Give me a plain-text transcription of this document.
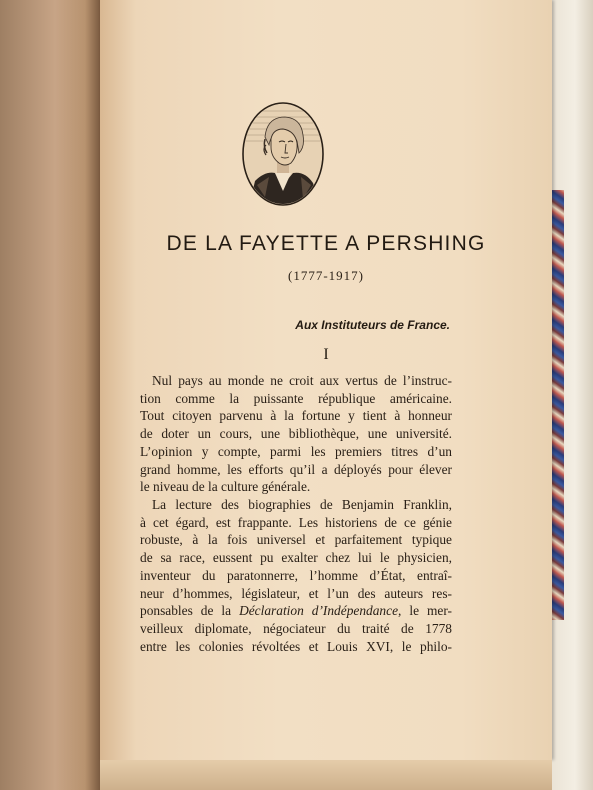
DE LA FAYETTE A PERSHING
(1777-1917)
Aux Instituteurs de France.
I

Nul pays au monde ne croit aux vertus de l’instruc-
tion comme la puissante république américaine.
Tout citoyen parvenu à la fortune y tient à honneur
de doter un cours, une bibliothèque, une université.
L’opinion y compte, parmi les premiers titres d’un
grand homme, les efforts qu’il a déployés pour élever
le niveau de la culture générale.

La lecture des biographies de Benjamin Franklin,
à cet égard, est frappante. Les historiens de ce génie
robuste, à la fois universel et parfaitement typique
de sa race, eussent pu exalter chez lui le physicien,
inventeur du paratonnerre, l’homme d’État, entraî-
neur d’hommes, législateur, et l’un des auteurs res-
ponsables de la Déclaration d’Indépendance, le mer-
veilleux diplomate, négociateur du traité de 1778
entre les colonies révoltées et Louis XVI, le philo-
